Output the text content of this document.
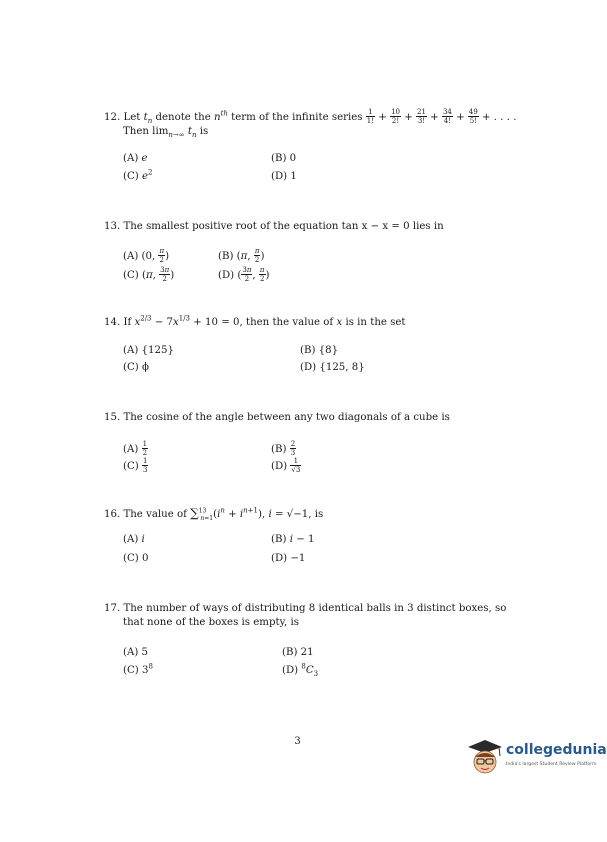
12. Let $t_n$ denote the $n^{th}$ term of the infinite series $\frac{1}{1!} + \frac{10}{2!} + \frac{21}{3!} + \frac{34}{4!} + \frac{49}{5!}$ + . . . .

Then $\lim_{n\to\infty} t_n$ is

(A) e	(B) 0
(C) $e^2$	(D) 1

13. The smallest positive root of the equation tan x − x = 0 lies in

(A) (0, $\frac{\pi}{2}$ )	(B) (π, $\frac{\pi}{2}$ )
(C) (π, $\frac{3\pi}{2}$ )	(D) ( $\frac{3\pi}{2}$ , $\frac{\pi}{2}$ )

14. If $x^{2/3} - 7x^{1/3} + 10 = 0$, then the value of x is in the set

(A) {125}	(B) {8}
(C) ϕ	(D) {125, 8}

15. The cosine of the angle between any two diagonals of a cube is

$(A) \frac{1}{2}$	$(B) \frac{2}{3}$
$(C) \frac{1}{3}$	$(D) \frac{1}{√3}$

16. The value of $\sum^{13}_{n=1}(i^n + i^{n+1})$, i = √−1, is

(A) i	(B) i − 1
(C) 0	(D) −1

17. The number of ways of distributing 8 identical balls in 3 distinct boxes, so

that none of the boxes is empty, is

(A) 5	(B) 21
(C) $3^8$	(D) $^8C_3$
3
collegedunia
India's largest Student Review Platform
